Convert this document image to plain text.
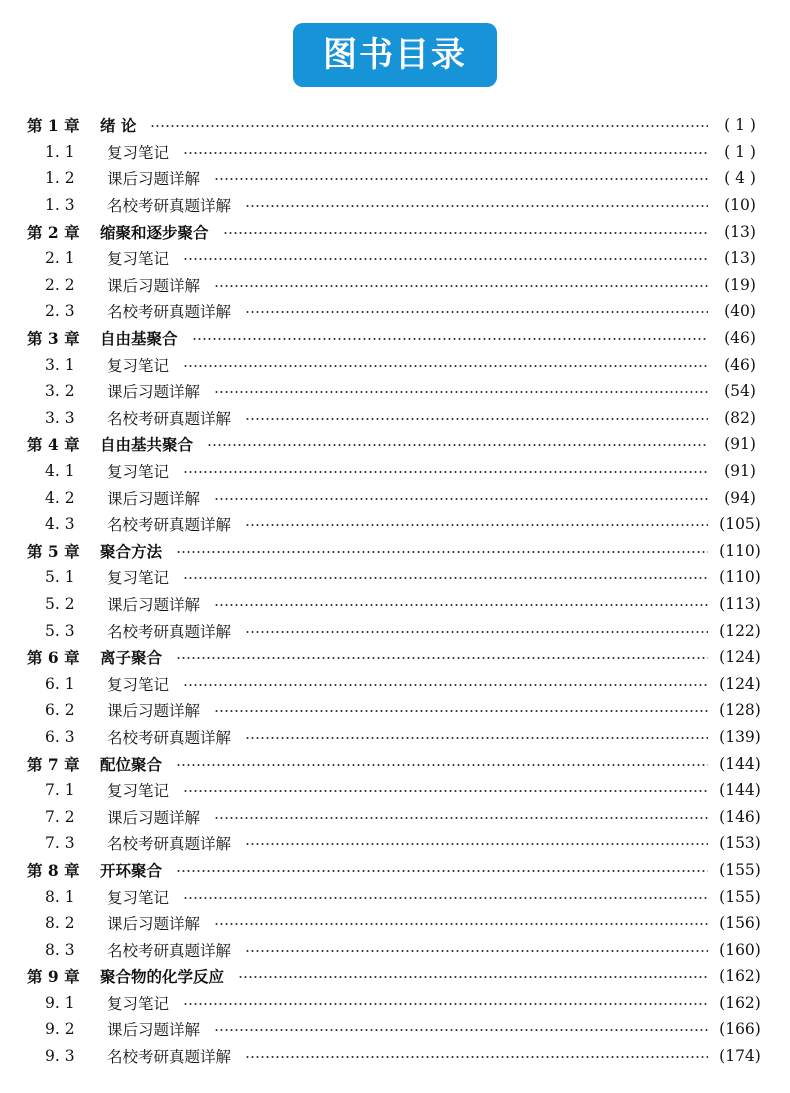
图书目录
第 1 章	绪 论	( 1 )
1. 1	复习笔记	( 1 )
1. 2	课后习题详解	( 4 )
1. 3	名校考研真题详解	(10)
第 2 章	缩聚和逐步聚合	(13)
2. 1	复习笔记	(13)
2. 2	课后习题详解	(19)
2. 3	名校考研真题详解	(40)
第 3 章	自由基聚合	(46)
3. 1	复习笔记	(46)
3. 2	课后习题详解	(54)
3. 3	名校考研真题详解	(82)
第 4 章	自由基共聚合	(91)
4. 1	复习笔记	(91)
4. 2	课后习题详解	(94)
4. 3	名校考研真题详解	(105)
第 5 章	聚合方法	(110)
5. 1	复习笔记	(110)
5. 2	课后习题详解	(113)
5. 3	名校考研真题详解	(122)
第 6 章	离子聚合	(124)
6. 1	复习笔记	(124)
6. 2	课后习题详解	(128)
6. 3	名校考研真题详解	(139)
第 7 章	配位聚合	(144)
7. 1	复习笔记	(144)
7. 2	课后习题详解	(146)
7. 3	名校考研真题详解	(153)
第 8 章	开环聚合	(155)
8. 1	复习笔记	(155)
8. 2	课后习题详解	(156)
8. 3	名校考研真题详解	(160)
第 9 章	聚合物的化学反应	(162)
9. 1	复习笔记	(162)
9. 2	课后习题详解	(166)
9. 3	名校考研真题详解	(174)
